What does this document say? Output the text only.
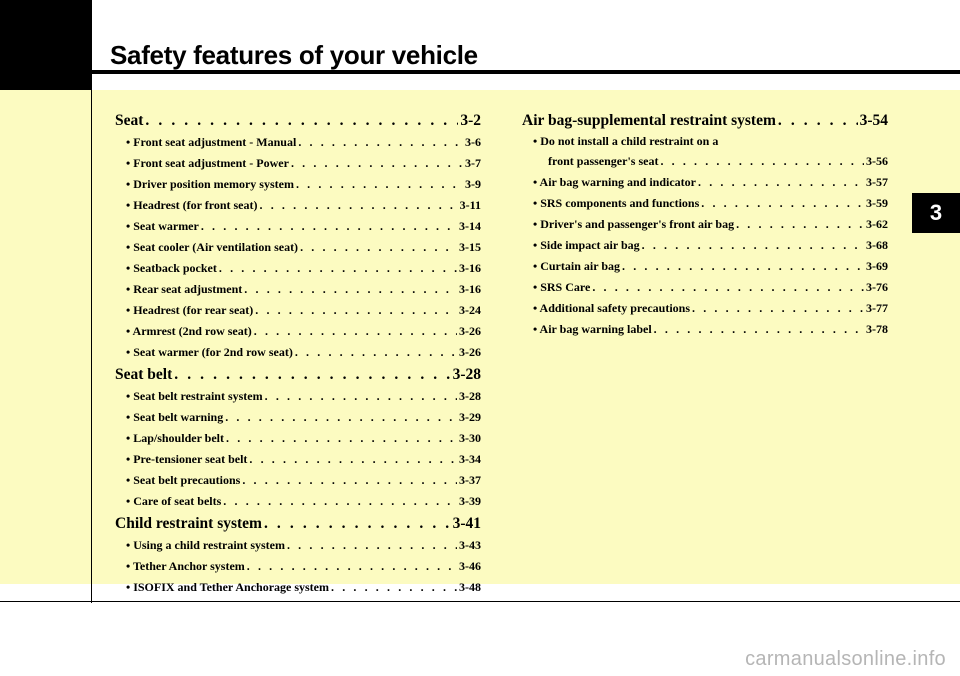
Safety features of your vehicle
Seat . . .	3-2
• Front seat adjustment - Manual . . .	3-6
• Front seat adjustment - Power . . .	3-7
• Driver position memory system . . .	3-9
• Headrest (for front seat) . . .	3-11
• Seat warmer . . .	3-14
• Seat cooler (Air ventilation seat) . . .	3-15
• Seatback pocket . . .	3-16
• Rear seat adjustment . . .	3-16
• Headrest (for rear seat) . . .	3-24
• Armrest (2nd row seat) . . .	3-26
• Seat warmer (for 2nd row seat) . . .	3-26
Seat belt . . .	3-28
• Seat belt restraint system . . .	3-28
• Seat belt warning . . .	3-29
• Lap/shoulder belt . . .	3-30
• Pre-tensioner seat belt . . .	3-34
• Seat belt precautions . . .	3-37
• Care of seat belts . . .	3-39
Child restraint system . . .	3-41
• Using a child restraint system . . .	3-43
• Tether Anchor system . . .	3-46
• ISOFIX and Tether Anchorage system . . .	3-48
Air bag-supplemental restraint system . . .	3-54
• Do not install a child restraint on a
front passenger's seat . . .	3-56
• Air bag warning and indicator . . .	3-57
• SRS components and functions . . .	3-59
• Driver's and passenger's front air bag . . .	3-62
• Side impact air bag . . .	3-68
• Curtain air bag . . .	3-69
• SRS Care . . .	3-76
• Additional safety precautions . . .	3-77
• Air bag warning label . . .	3-78
3
carmanualsonline.info
